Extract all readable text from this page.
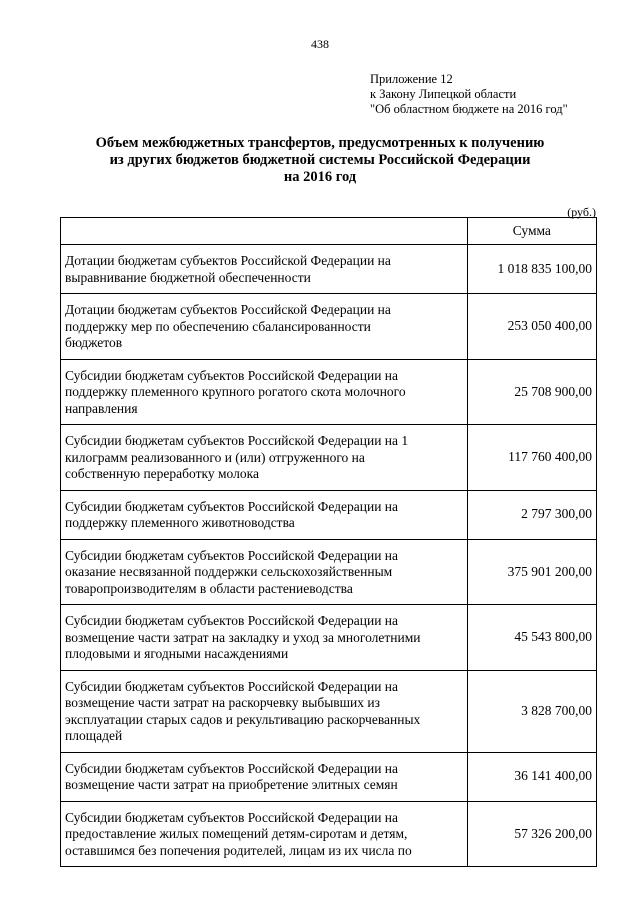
438
Приложение 12
к Закону Липецкой области
"Об областном бюджете на 2016 год"
Объем межбюджетных трансфертов, предусмотренных к получению
из других бюджетов бюджетной системы Российской Федерации
на 2016 год
(руб.)
	Сумма

Дотации бюджетам субъектов Российской Федерации на
выравнивание бюджетной обеспеченности	1 018 835 100,00

Дотации бюджетам субъектов Российской Федерации на
поддержку мер по обеспечению сбалансированности
бюджетов	253 050 400,00

Субсидии бюджетам субъектов Российской Федерации на
поддержку племенного крупного рогатого скота молочного
направления	25 708 900,00

Субсидии бюджетам субъектов Российской Федерации на 1
килограмм реализованного и (или) отгруженного на
собственную переработку молока	117 760 400,00

Субсидии бюджетам субъектов Российской Федерации на
поддержку племенного животноводства	2 797 300,00

Субсидии бюджетам субъектов Российской Федерации на
оказание несвязанной поддержки сельскохозяйственным
товаропроизводителям в области растениеводства	375 901 200,00

Субсидии бюджетам субъектов Российской Федерации на
возмещение части затрат на закладку и уход за многолетними
плодовыми и ягодными насаждениями	45 543 800,00

Субсидии бюджетам субъектов Российской Федерации на
возмещение части затрат на раскорчевку выбывших из
эксплуатации старых садов и рекультивацию раскорчеванных
площадей	3 828 700,00

Субсидии бюджетам субъектов Российской Федерации на
возмещение части затрат на приобретение элитных семян	36 141 400,00

Субсидии бюджетам субъектов Российской Федерации на
предоставление жилых помещений детям-сиротам и детям,
оставшимся без попечения родителей, лицам из их числа по	57 326 200,00
